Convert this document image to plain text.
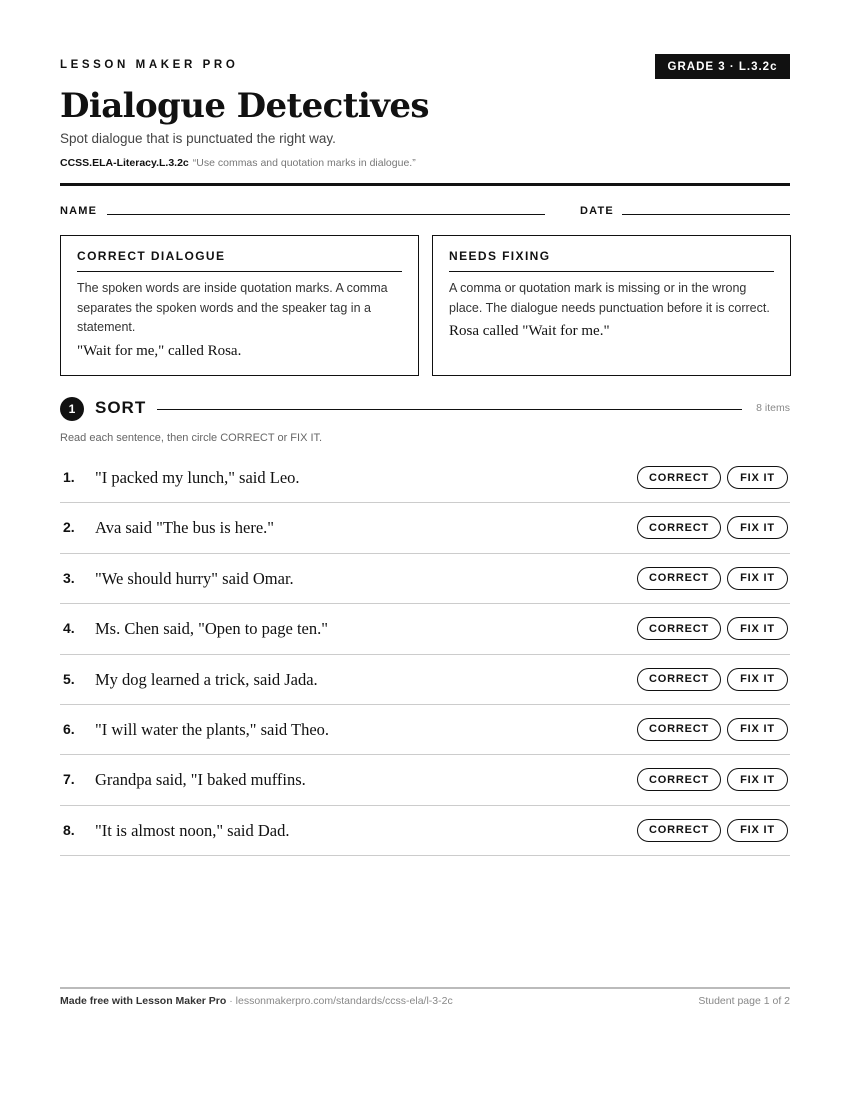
LESSON MAKER PRO	GRADE 3 · L.3.2c
Dialogue Detectives
Spot dialogue that is punctuated the right way.
CCSS.ELA-Literacy.L.3.2c “Use commas and quotation marks in dialogue.”
NAME	DATE
CORRECT DIALOGUE
The spoken words are inside quotation marks. A comma separates the spoken words and the speaker tag in a statement.
"Wait for me," called Rosa.
NEEDS FIXING
A comma or quotation mark is missing or in the wrong place. The dialogue needs punctuation before it is correct.
Rosa called "Wait for me."
1	SORT	8 items
Read each sentence, then circle CORRECT or FIX IT.
1. "I packed my lunch," said Leo.	CORRECT	FIX IT
2. Ava said "The bus is here."	CORRECT	FIX IT
3. "We should hurry" said Omar.	CORRECT	FIX IT
4. Ms. Chen said, "Open to page ten."	CORRECT	FIX IT
5. My dog learned a trick, said Jada.	CORRECT	FIX IT
6. "I will water the plants," said Theo.	CORRECT	FIX IT
7. Grandpa said, "I baked muffins.	CORRECT	FIX IT
8. "It is almost noon," said Dad.	CORRECT	FIX IT
Made free with Lesson Maker Pro · lessonmakerpro.com/standards/ccss-ela/l-3-2c	Student page 1 of 2
